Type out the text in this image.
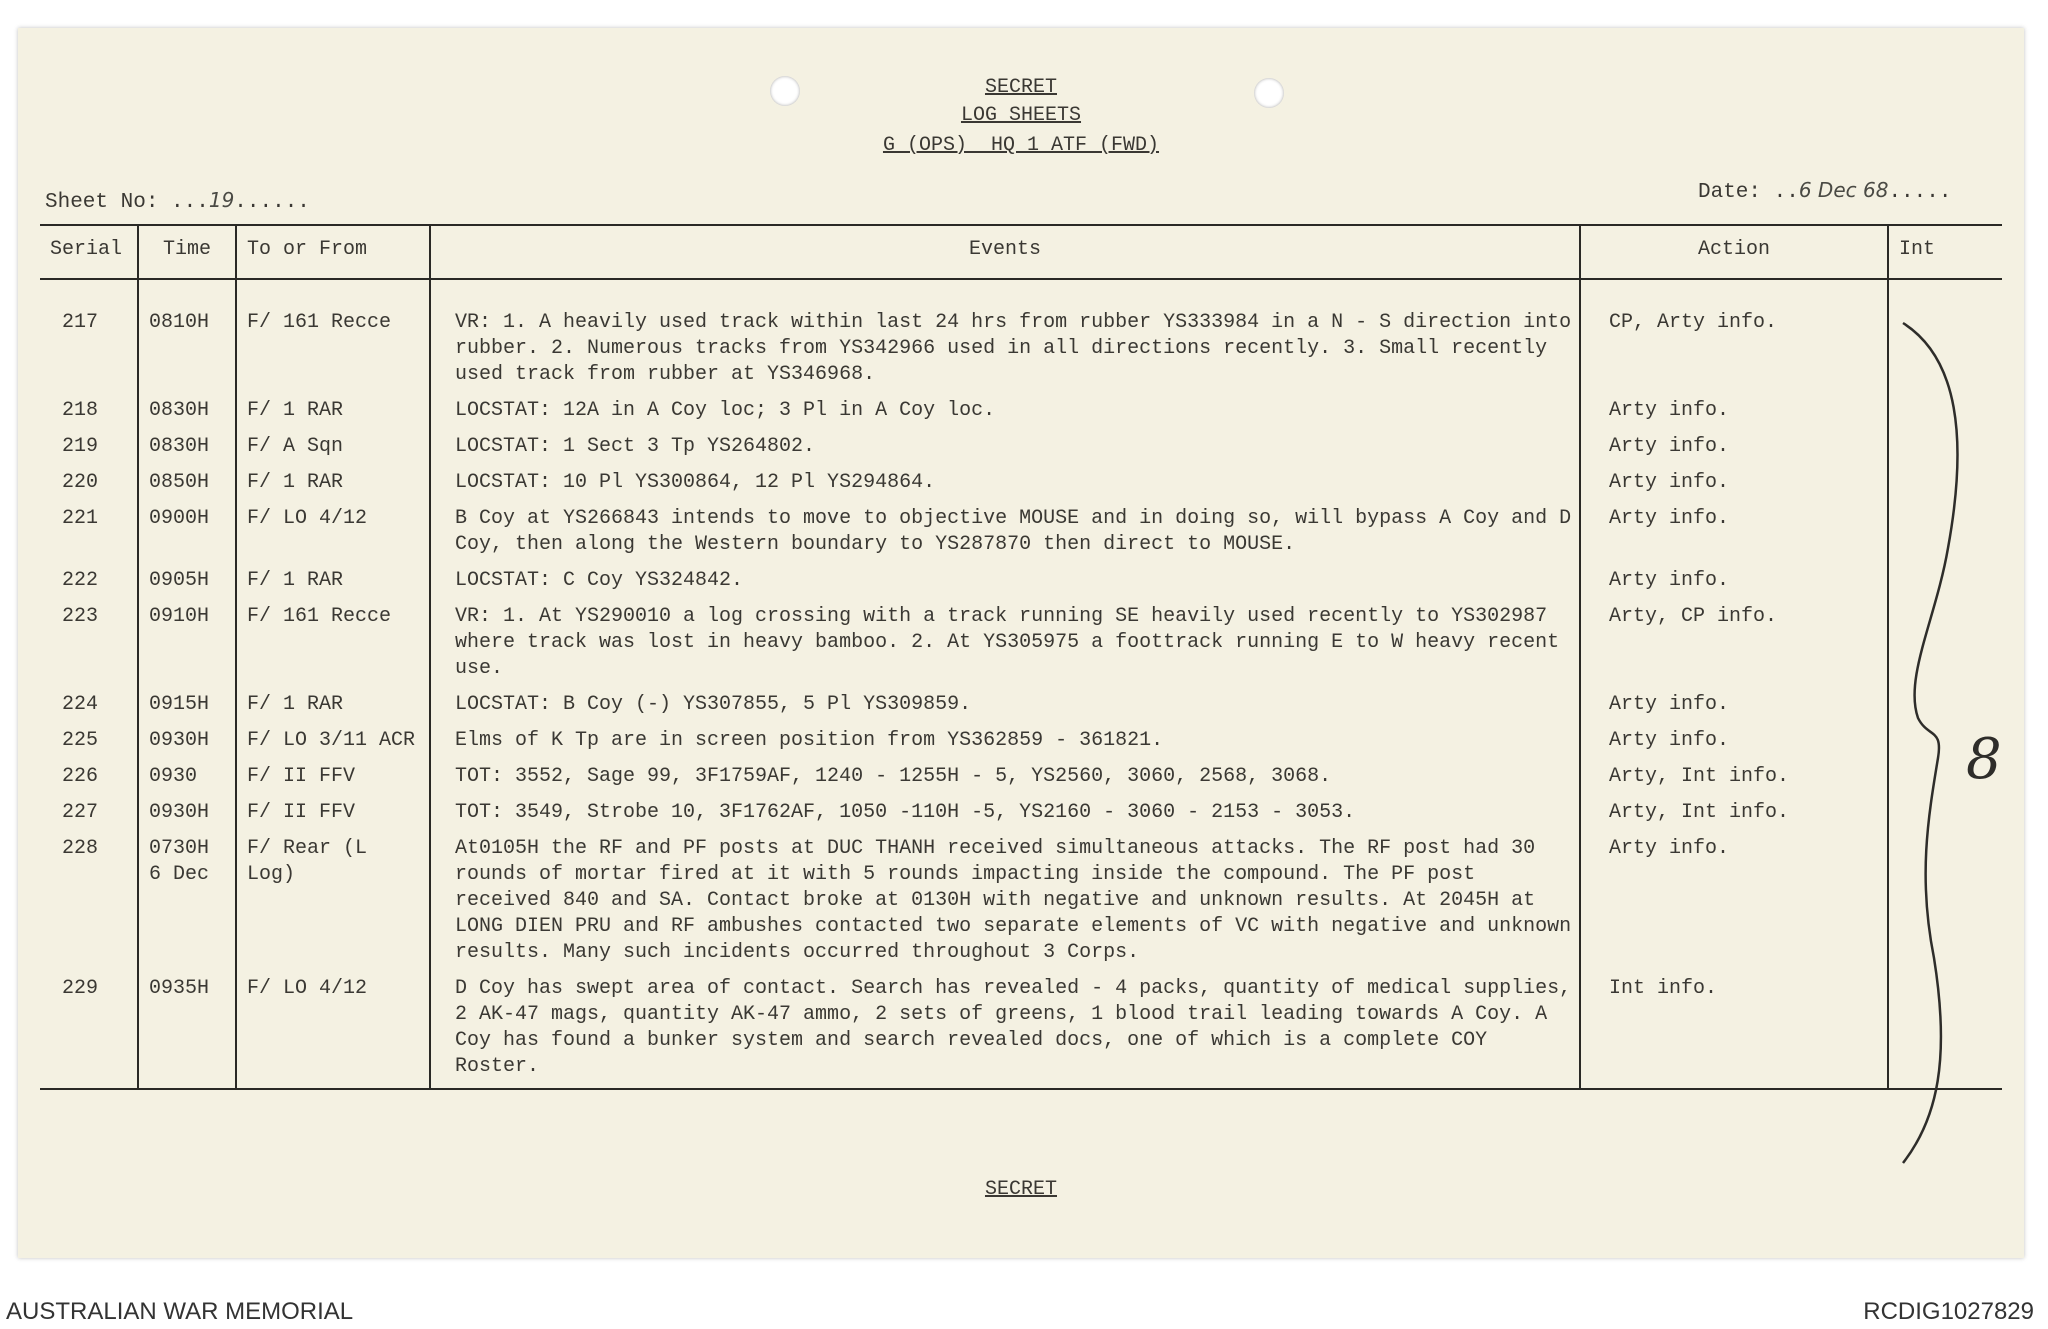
SECRET
LOG SHEETS
G (OPS)  HQ 1 ATF (FWD)
Sheet No: ...19......	Date: ..6 Dec 68.....
Serial	Time	To or From	Events	Action	Int
217	0810H	F/ 161 Recce	VR: 1. A heavily used track within last 24 hrs from rubber YS333984 in a N - S direction into rubber. 2. Numerous tracks from YS342966 used in all directions recently. 3. Small recently used track from rubber at YS346968.	CP, Arty info.	
218	0830H	F/ 1 RAR	LOCSTAT: 12A in A Coy loc; 3 Pl in A Coy loc.	Arty info.	
219	0830H	F/ A Sqn	LOCSTAT: 1 Sect 3 Tp YS264802.	Arty info.	
220	0850H	F/ 1 RAR	LOCSTAT: 10 Pl YS300864, 12 Pl YS294864.	Arty info.	
221	0900H	F/ LO 4/12	B Coy at YS266843 intends to move to objective MOUSE and in doing so, will bypass A Coy and D Coy, then along the Western boundary to YS287870 then direct to MOUSE.	Arty info.	
222	0905H	F/ 1 RAR	LOCSTAT: C Coy YS324842.	Arty info.	
223	0910H	F/ 161 Recce	VR: 1. At YS290010 a log crossing with a track running SE heavily used recently to YS302987 where track was lost in heavy bamboo. 2. At YS305975 a foottrack running E to W heavy recent use.	Arty, CP info.	
224	0915H	F/ 1 RAR	LOCSTAT: B Coy (-) YS307855, 5 Pl YS309859.	Arty info.	
225	0930H	F/ LO 3/11 ACR	Elms of K Tp are in screen position from YS362859 - 361821.	Arty info.	
226	0930	F/ II FFV	TOT: 3552, Sage 99, 3F1759AF, 1240 - 1255H - 5, YS2560, 3060, 2568, 3068.	Arty, Int info.	
227	0930H	F/ II FFV	TOT: 3549, Strobe 10, 3F1762AF, 1050 -110H -5, YS2160 - 3060 - 2153 - 3053.	Arty, Int info.	
228	0730H 6 Dec	F/ Rear (L Log)	At0105H the RF and PF posts at DUC THANH received simultaneous attacks. The RF post had 30 rounds of mortar fired at it with 5 rounds impacting inside the compound. The PF post received 840 and SA. Contact broke at 0130H with negative and unknown results. At 2045H at LONG DIEN PRU and RF ambushes contacted two separate elements of VC with negative and unknown results. Many such incidents occurred throughout 3 Corps.	Arty info.	
229	0935H	F/ LO 4/12	D Coy has swept area of contact. Search has revealed - 4 packs, quantity of medical supplies, 2 AK-47 mags, quantity AK-47 ammo, 2 sets of greens, 1 blood trail leading towards A Coy. A Coy has found a bunker system and search revealed docs, one of which is a complete COY Roster.	Int info.	
8
SECRET
AUSTRALIAN WAR MEMORIAL	RCDIG1027829
